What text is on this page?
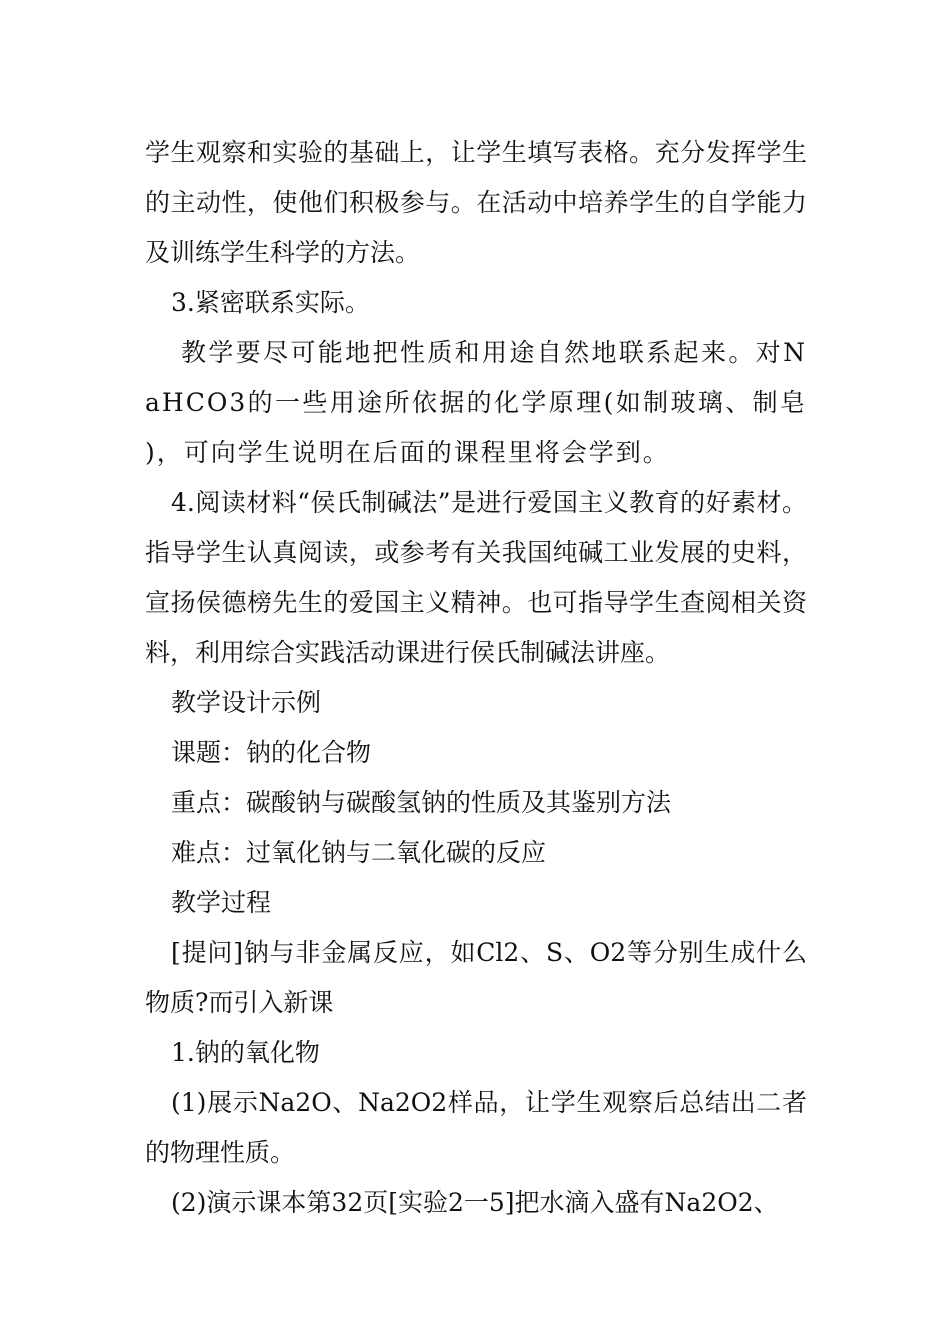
学生观察和实验的基础上，让学生填写表格。充分发挥学生的主动性，使他们积极参与。在活动中培养学生的自学能力及训练学生科学的方法。

3.紧密联系实际。

教学要尽可能地把性质和用途自然地联系起来。对NaHCO3的一些用途所依据的化学原理(如制玻璃、制皂)，可向学生说明在后面的课程里将会学到。

4.阅读材料“侯氏制碱法”是进行爱国主义教育的好素材。指导学生认真阅读，或参考有关我国纯碱工业发展的史料，宣扬侯德榜先生的爱国主义精神。也可指导学生查阅相关资料，利用综合实践活动课进行侯氏制碱法讲座。

教学设计示例

课题：钠的化合物

重点：碳酸钠与碳酸氢钠的性质及其鉴别方法

难点：过氧化钠与二氧化碳的反应

教学过程

[提问]钠与非金属反应，如Cl2、S、O2等分别生成什么物质?而引入新课

1.钠的氧化物

(1)展示Na2O、Na2O2样品，让学生观察后总结出二者的物理性质。

(2)演示课本第32页[实验2一5]把水滴入盛有Na2O2、
